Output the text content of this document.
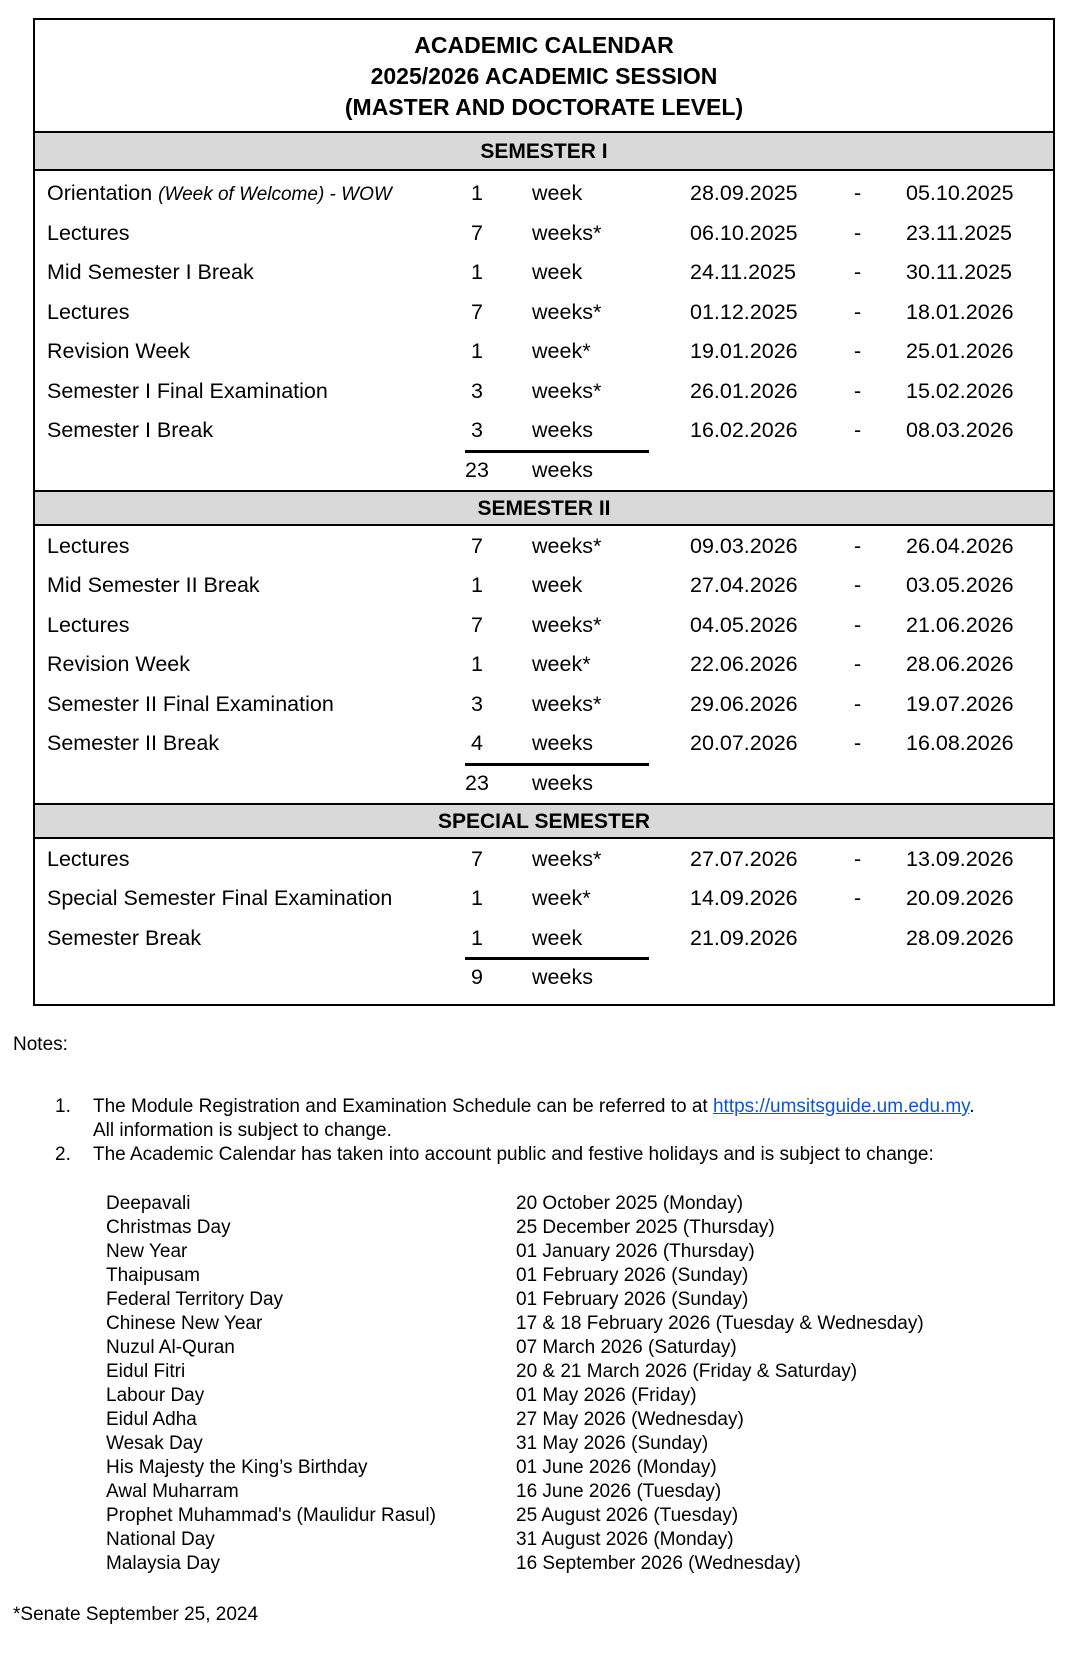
ACADEMIC CALENDAR
2025/2026 ACADEMIC SESSION
(MASTER AND DOCTORATE LEVEL)
SEMESTER I
Orientation (Week of Welcome) - WOW	1	week	28.09.2025	- 05.10.2025
Lectures	7	weeks*	06.10.2025	- 23.11.2025
Mid Semester I Break	1	week	24.11.2025	- 30.11.2025
Lectures	7	weeks*	01.12.2025	- 18.01.2026
Revision Week	1	week*	19.01.2026	- 25.01.2026
Semester I Final Examination	3	weeks*	26.01.2026	- 15.02.2026
Semester I Break	3	weeks	16.02.2026	- 08.03.2026
23 weeks
SEMESTER II
Lectures	7	weeks*	09.03.2026	- 26.04.2026
Mid Semester II Break	1	week	27.04.2026	- 03.05.2026
Lectures	7	weeks*	04.05.2026	- 21.06.2026
Revision Week	1	week*	22.06.2026	- 28.06.2026
Semester II Final Examination	3	weeks*	29.06.2026	- 19.07.2026
Semester II Break	4	weeks	20.07.2026	- 16.08.2026
23 weeks
SPECIAL SEMESTER
Lectures	7	weeks*	27.07.2026	- 13.09.2026
Special Semester Final Examination	1	week*	14.09.2026	- 20.09.2026
Semester Break	1	week	21.09.2026	28.09.2026
9	weeks
Notes:
1. The Module Registration and Examination Schedule can be referred to at https://umsitsguide.um.edu.my.
All information is subject to change.
2. The Academic Calendar has taken into account public and festive holidays and is subject to change:
Deepavali	20 October 2025 (Monday)
Christmas Day	25 December 2025 (Thursday)
New Year	01 January 2026 (Thursday)
Thaipusam	01 February 2026 (Sunday)
Federal Territory Day	01 February 2026 (Sunday)
Chinese New Year	17 & 18 February 2026 (Tuesday & Wednesday)
Nuzul Al-Quran	07 March 2026 (Saturday)
Eidul Fitri	20 & 21 March 2026 (Friday & Saturday)
Labour Day	01 May 2026 (Friday)
Eidul Adha	27 May 2026 (Wednesday)
Wesak Day	31 May 2026 (Sunday)
His Majesty the King’s Birthday	01 June 2026 (Monday)
Awal Muharram	16 June 2026 (Tuesday)
Prophet Muhammad's (Maulidur Rasul)	25 August 2026 (Tuesday)
National Day	31 August 2026 (Monday)
Malaysia Day	16 September 2026 (Wednesday)
*Senate September 25, 2024
